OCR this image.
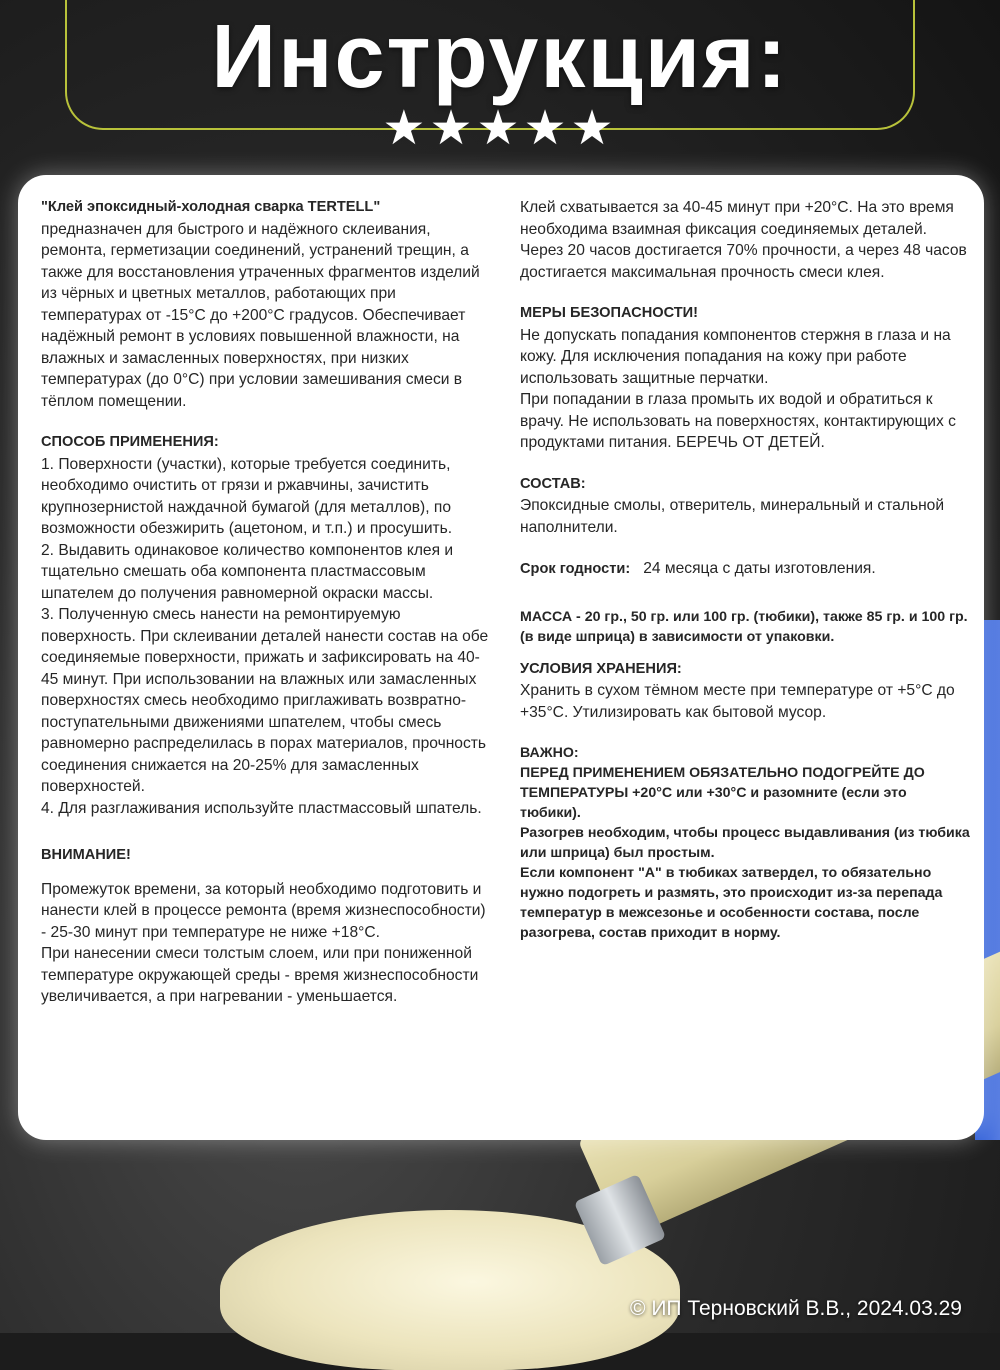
Инструкция:
★★★★★

"Клей эпоксидный-холодная сварка TERTELL"

предназначен для быстрого и надёжного склеивания, ремонта, герметизации соединений, устранений трещин, а также для восстановления утраченных фрагментов изделий из чёрных и цветных металлов, работающих при температурах от -15°С до +200°С градусов. Обеспечивает надёжный ремонт в условиях повышенной влажности, на влажных и замасленных поверхностях, при низких температурах (до 0°С) при условии замешивания смеси в тёплом помещении.

СПОСОБ ПРИМЕНЕНИЯ:

1. Поверхности (участки), которые требуется соединить, необходимо очистить от грязи и ржавчины, зачистить крупнозернистой наждачной бумагой (для металлов), по возможности обезжирить (ацетоном, и т.п.) и просушить.

2. Выдавить одинаковое количество компонентов клея и тщательно смешать оба компонента пластмассовым шпателем до получения равномерной окраски массы.

3. Полученную смесь нанести на ремонтируемую поверхность. При склеивании деталей нанести состав на обе соединяемые поверхности, прижать и зафиксировать на 40-45 минут. При использовании на влажных или замасленных поверхностях смесь необходимо приглаживать возвратно-поступательными движениями шпателем, чтобы смесь равномерно распределилась в порах материалов, прочность соединения снижается на 20-25% для замасленных поверхностей.

4. Для разглаживания используйте пластмассовый шпатель.

ВНИМАНИЕ!

Промежуток времени, за который необходимо подготовить и нанести клей в процессе ремонта (время жизнеспособности) - 25-30 минут при температуре не ниже +18°С.

При нанесении смеси толстым слоем, или при пониженной температуре окружающей среды - время жизнеспособности увеличивается, а при нагревании - уменьшается.

Клей схватывается за 40-45 минут при +20°С. На это время необходима взаимная фиксация соединяемых деталей.

Через 20 часов достигается 70% прочности, а через 48 часов достигается максимальная прочность смеси клея.

МЕРЫ БЕЗОПАСНОСТИ!

Не допускать попадания компонентов стержня в глаза и на кожу. Для исключения попадания на кожу при работе использовать защитные перчатки.

При попадании в глаза промыть их водой и обратиться к врачу. Не использовать на поверхностях, контактирующих с продуктами питания. БЕРЕЧЬ ОТ ДЕТЕЙ.

СОСТАВ:

Эпоксидные смолы, отверитель, минеральный и стальной наполнители.

Срок годности: 24 месяца с даты изготовления.

МАССА - 20 гр., 50 гр. или 100 гр. (тюбики), также 85 гр. и 100 гр. (в виде шприца) в зависимости от упаковки.

УСЛОВИЯ ХРАНЕНИЯ:

Хранить в сухом тёмном месте при температуре от +5°С до +35°С. Утилизировать как бытовой мусор.

ВАЖНО:

ПЕРЕД ПРИМЕНЕНИЕМ ОБЯЗАТЕЛЬНО ПОДОГРЕЙТЕ ДО ТЕМПЕРАТУРЫ +20°С или +30°С и разомните (если это тюбики).

Разогрев необходим, чтобы процесс выдавливания (из тюбика или шприца) был простым.

Если компонент "А" в тюбиках затвердел, то обязательно нужно подогреть и размять, это происходит из-за перепада температур в межсезонье и особенности состава, после разогрева, состав приходит в норму.

© ИП Терновский В.В., 2024.03.29
